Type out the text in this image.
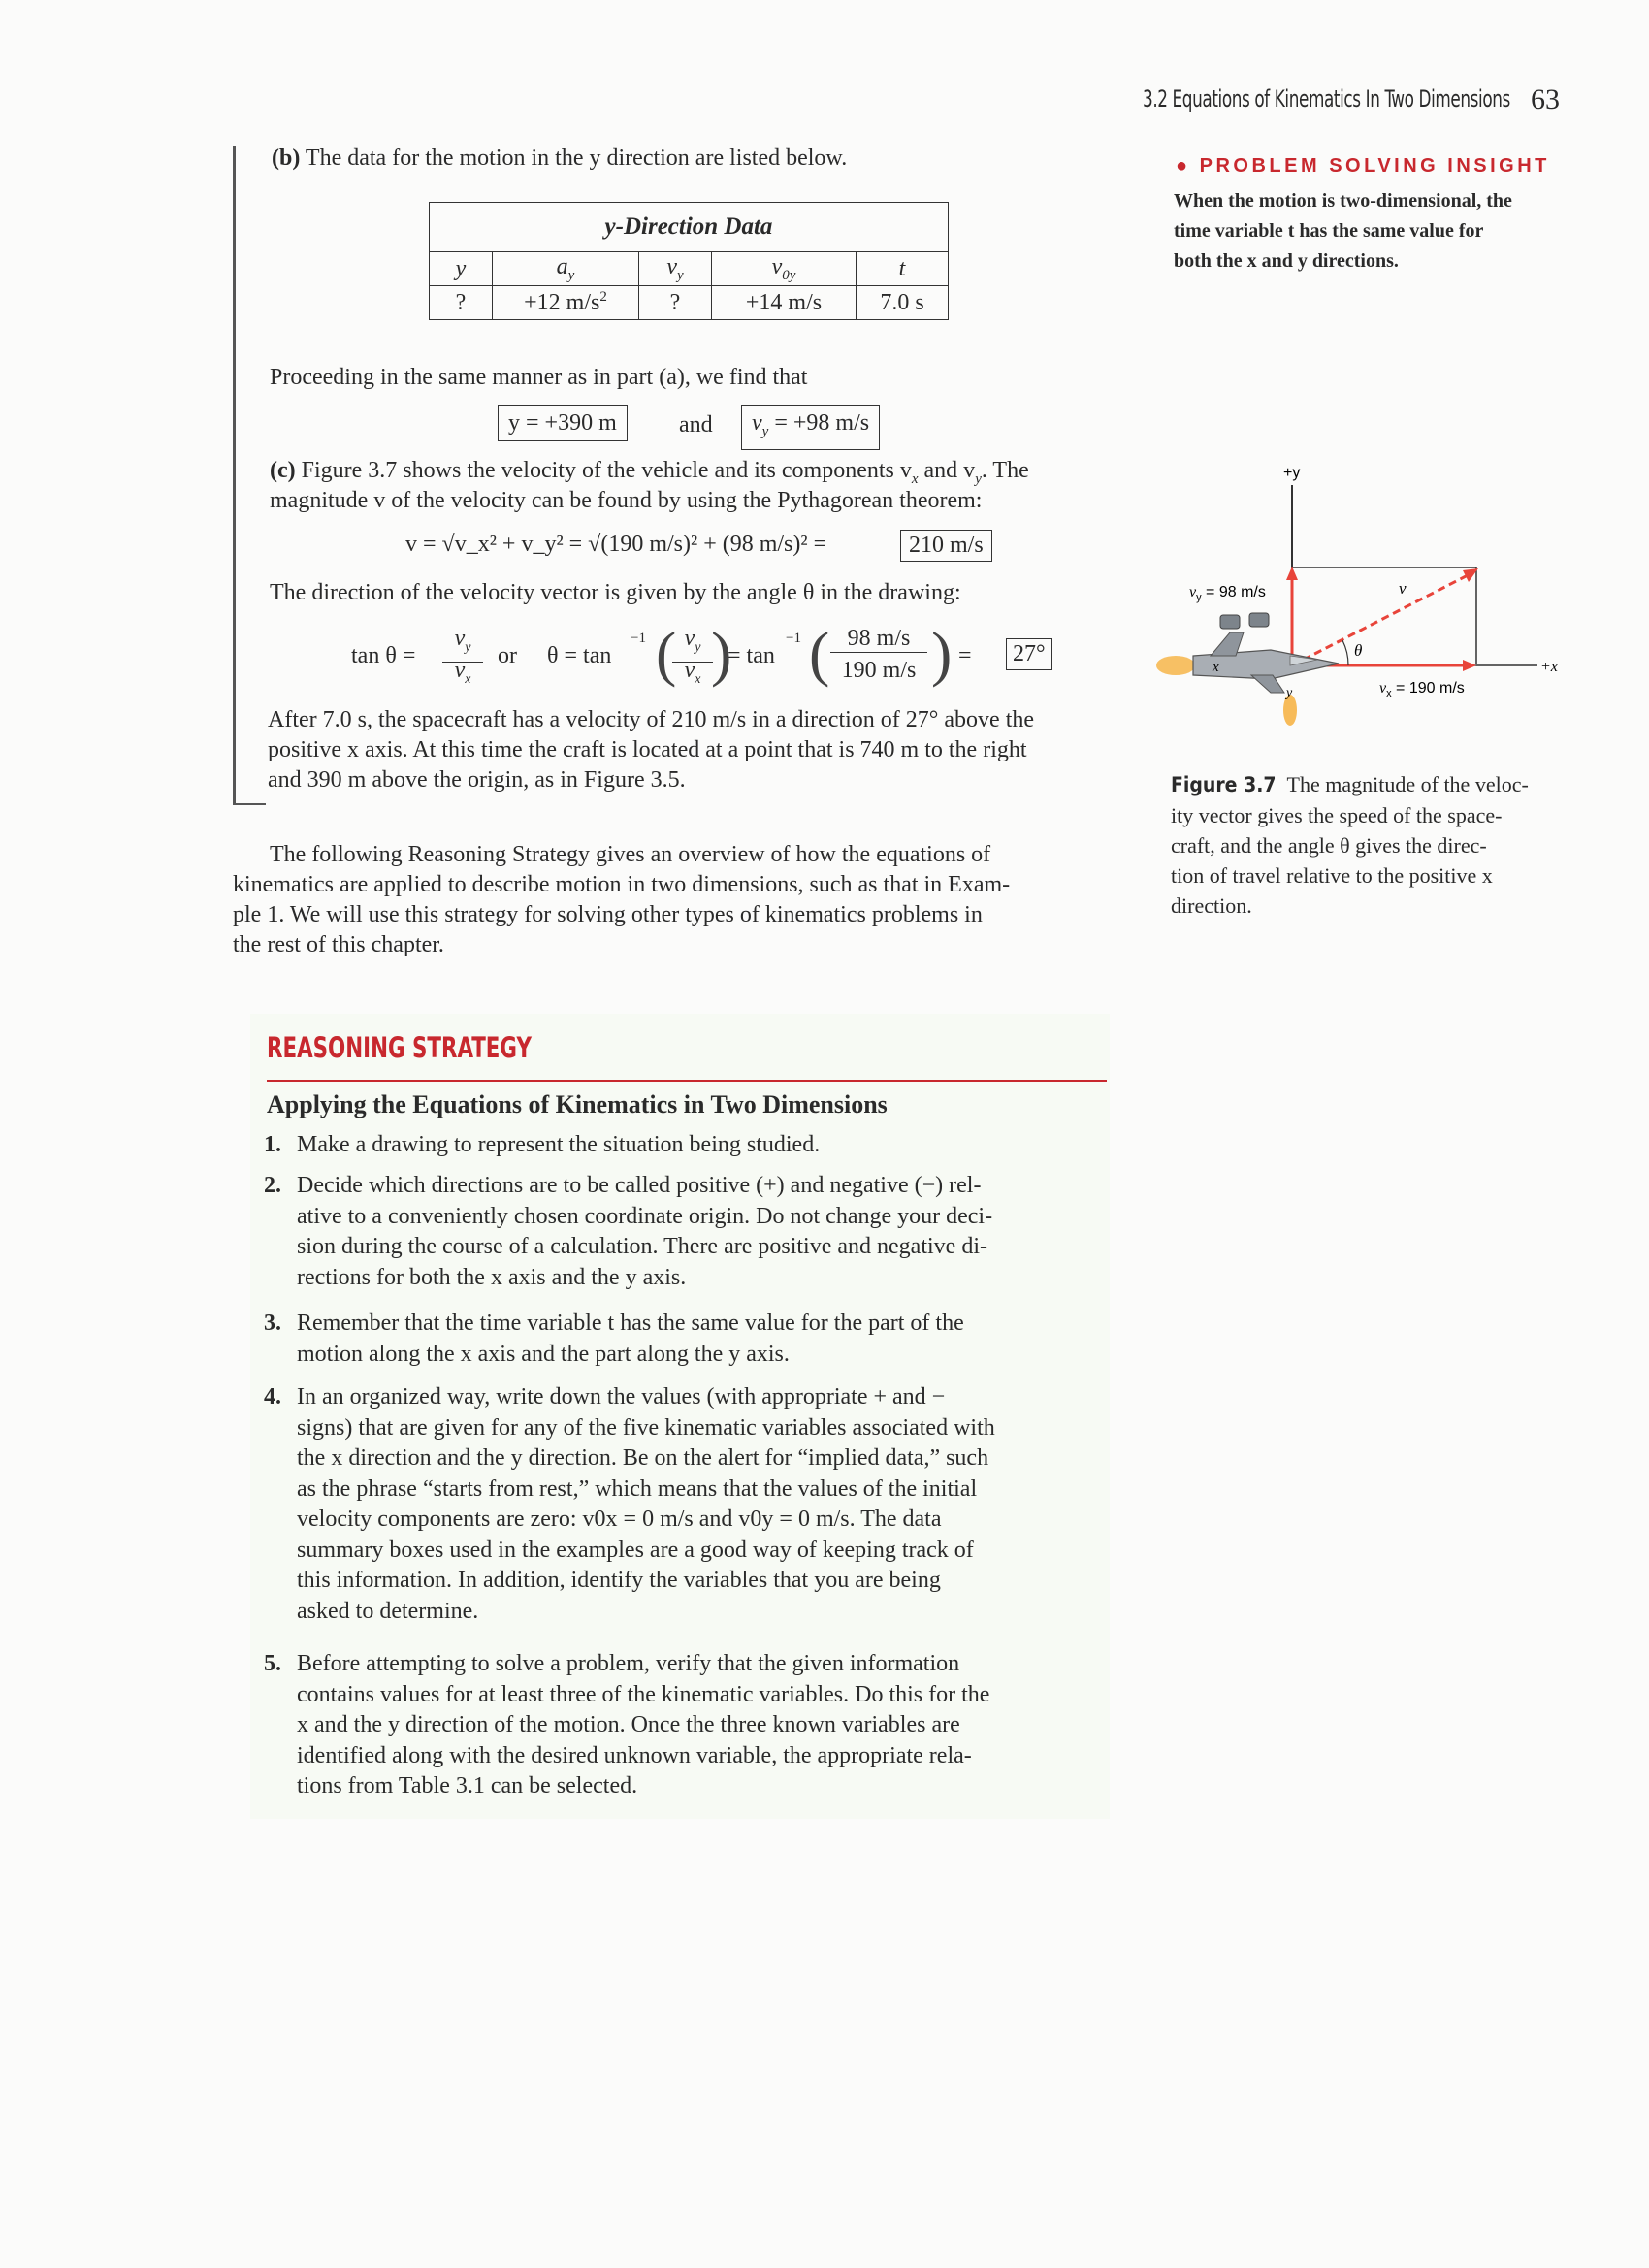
3.2 Equations of Kinematics In Two Dimensions 63
(b) The data for the motion in the y direction are listed below.
y-Direction Data				
y	$a_y$	$v_y$	$v_{0y}$	t
?	+12 $m/s^2$	?	+14 m/s	7.0 s
Proceeding in the same manner as in part (a), we find that
y = +390 m	and	$v_y = +98$ m/s
(c) Figure 3.7 shows the velocity of the vehicle and its components $v_x$ and $v_y$. The
magnitude v of the velocity can be found by using the Pythagorean theorem:
v = √v_x² + v_y² = √(190 m/s)² + (98 m/s)² =	210 m/s
The direction of the velocity vector is given by the angle θ in the drawing:
tan θ =
$v_y$
$v_x$
or θ = tan
−1 ( $v_y$
$v_x$ )
= tan
−1 ( 98 m/s
190 m/s ) = 27°
After 7.0 s, the spacecraft has a velocity of 210 m/s in a direction of 27° above the
positive x axis. At this time the craft is located at a point that is 740 m to the right
and 390 m above the origin, as in Figure 3.5.
The following Reasoning Strategy gives an overview of how the equations of
kinematics are applied to describe motion in two dimensions, such as that in Exam-
ple 1. We will use this strategy for solving other types of kinematics problems in
the rest of this chapter.
● PROBLEM SOLVING INSIGHT
When the motion is two-dimensional, the
time variable t has the same value for
both the x and y directions.
+y
+x
θ
v
$v_y = 98$ m/s
$v_x = 190$ m/s
x
y
Figure 3.7 The magnitude of the veloc-
ity vector gives the speed of the space-
craft, and the angle θ gives the direc-
tion of travel relative to the positive x
direction.
REASONING STRATEGY
Applying the Equations of Kinematics in Two Dimensions
1. Make a drawing to represent the situation being studied.
2. Decide which directions are to be called positive (+) and negative (−) rel-
ative to a conveniently chosen coordinate origin. Do not change your deci-
sion during the course of a calculation. There are positive and negative di-
rections for both the x axis and the y axis.
3. Remember that the time variable t has the same value for the part of the
motion along the x axis and the part along the y axis.
4. In an organized way, write down the values (with appropriate + and −
signs) that are given for any of the five kinematic variables associated with
the x direction and the y direction. Be on the alert for “implied data,” such
as the phrase “starts from rest,” which means that the values of the initial
velocity components are zero: v0x = 0 m/s and v0y = 0 m/s. The data
summary boxes used in the examples are a good way of keeping track of
this information. In addition, identify the variables that you are being
asked to determine.
5. Before attempting to solve a problem, verify that the given information
contains values for at least three of the kinematic variables. Do this for the
x and the y direction of the motion. Once the three known variables are
identified along with the desired unknown variable, the appropriate rela-
tions from Table 3.1 can be selected.
